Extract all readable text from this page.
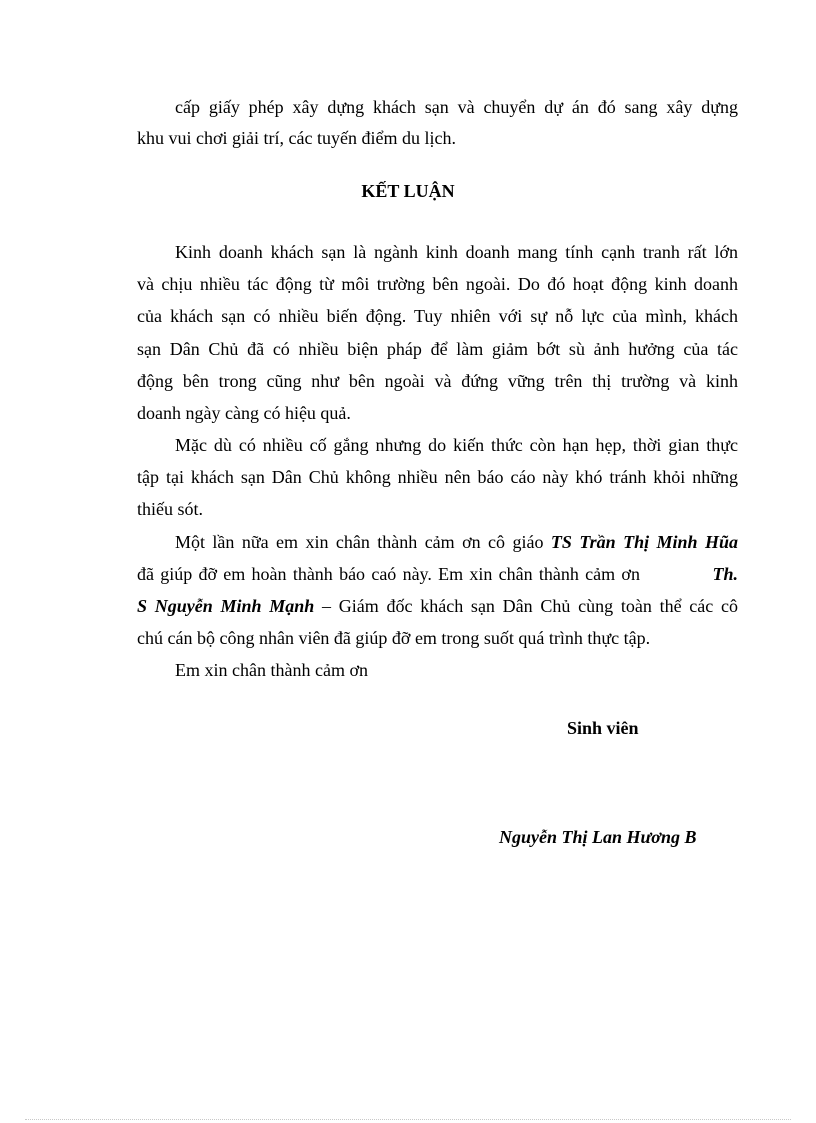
cấp giấy phép xây dựng khách sạn và chuyển dự án đó sang xây dựng
khu vui chơi giải trí, các tuyến điểm du lịch.
KẾT LUẬN
Kinh doanh khách sạn là ngành kinh doanh mang tính cạnh tranh rất lớn
và chịu nhiều tác động từ môi trường bên ngoài. Do đó hoạt động kinh doanh
của khách sạn có nhiều biến động. Tuy nhiên với sự nỗ lực của mình, khách
sạn Dân Chủ đã có nhiều biện pháp để làm giảm bớt sù ảnh hưởng của tác
động bên trong cũng như bên ngoài và đứng vững trên thị trường và kinh
doanh ngày càng có hiệu quả.
Mặc dù có nhiều cố gắng nhưng do kiến thức còn hạn hẹp, thời gian thực
tập tại khách sạn Dân Chủ không nhiều nên báo cáo này khó tránh khỏi những
thiếu sót.
Một lần nữa em xin chân thành cảm ơn cô giáo TS Trần Thị Minh Hũa
đã giúp đỡ em hoàn thành báo caó này. Em xin chân thành cảm ơn	Th.
S Nguyễn Minh Mạnh – Giám đốc khách sạn Dân Chủ cùng toàn thể các cô
chú cán bộ công nhân viên đã giúp đỡ em trong suốt quá trình thực tập.
Em xin chân thành cảm ơn
Sinh viên
Nguyễn Thị Lan Hương B
